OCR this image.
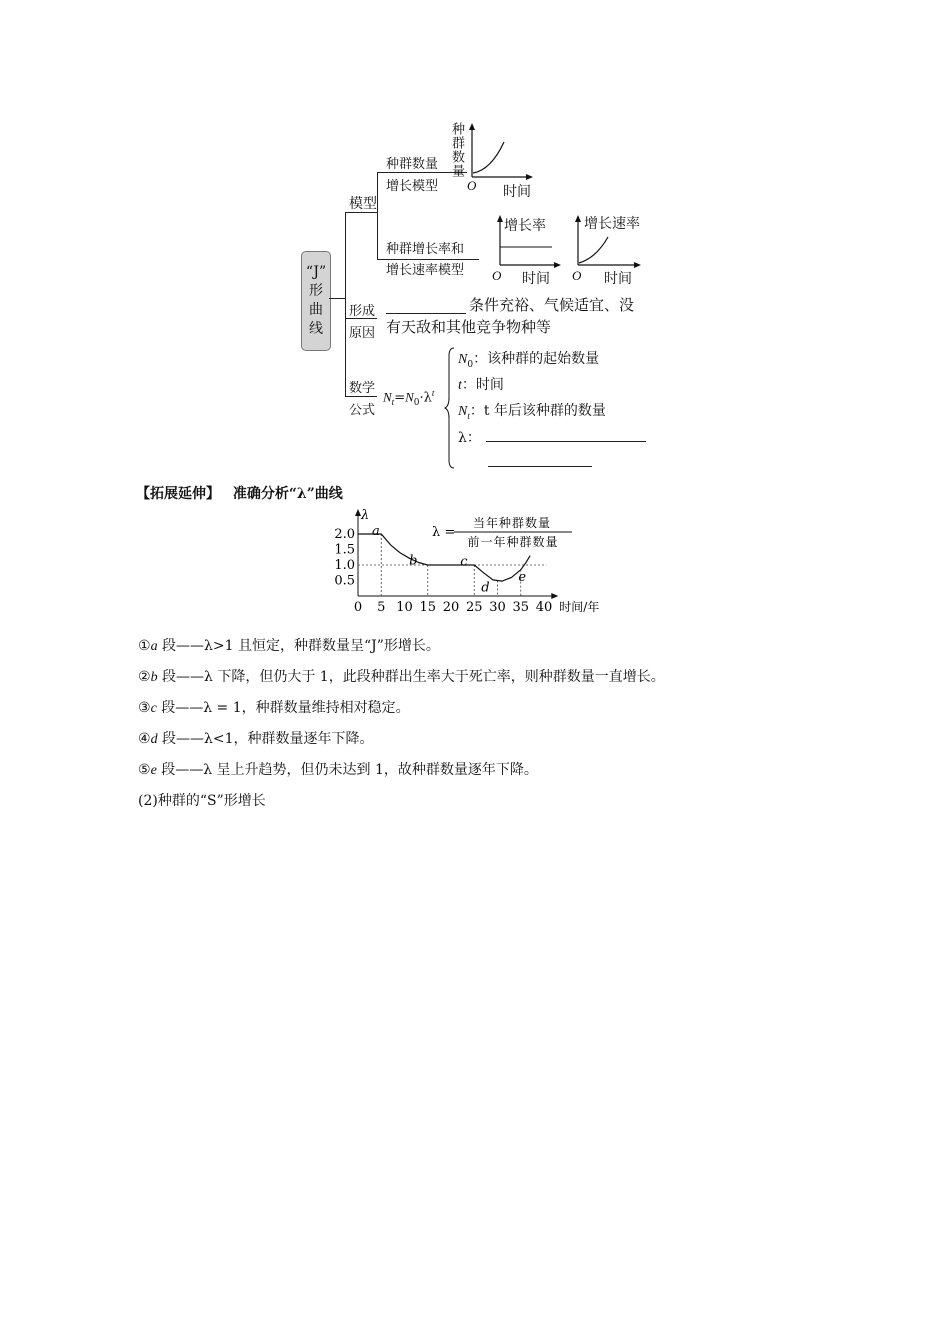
“J”
形
曲
线
模型
种群数量
增长模型
种群增长率和
增长速率模型
种群数量
O 时间
增长率
O 时间
增长速率
O 时间
形成
原因
条件充裕、气候适宜、没
有天敌和其他竞争物种等
数学
公式
$N_t=N_0\cdot\lambda^t$
$N_0$：该种群的起始数量
t：时间
$N_t$：t 年后该种群的数量
λ：
【拓展延伸】 准确分析“λ”曲线
5 10 15 20 25 30 35 40
0
0.5
1.0
1.5
2.0
λ
时间/年
a
b	c
d
e
λ =
当年种群数量
前一年种群数量
①a 段——λ>1 且恒定，种群数量呈“J”形增长。
②b 段——λ 下降，但仍大于 1，此段种群出生率大于死亡率，则种群数量一直增长。
③c 段——λ = 1，种群数量维持相对稳定。
④d 段——λ<1，种群数量逐年下降。
⑤e 段——λ 呈上升趋势，但仍未达到 1，故种群数量逐年下降。
(2)种群的“S”形增长
